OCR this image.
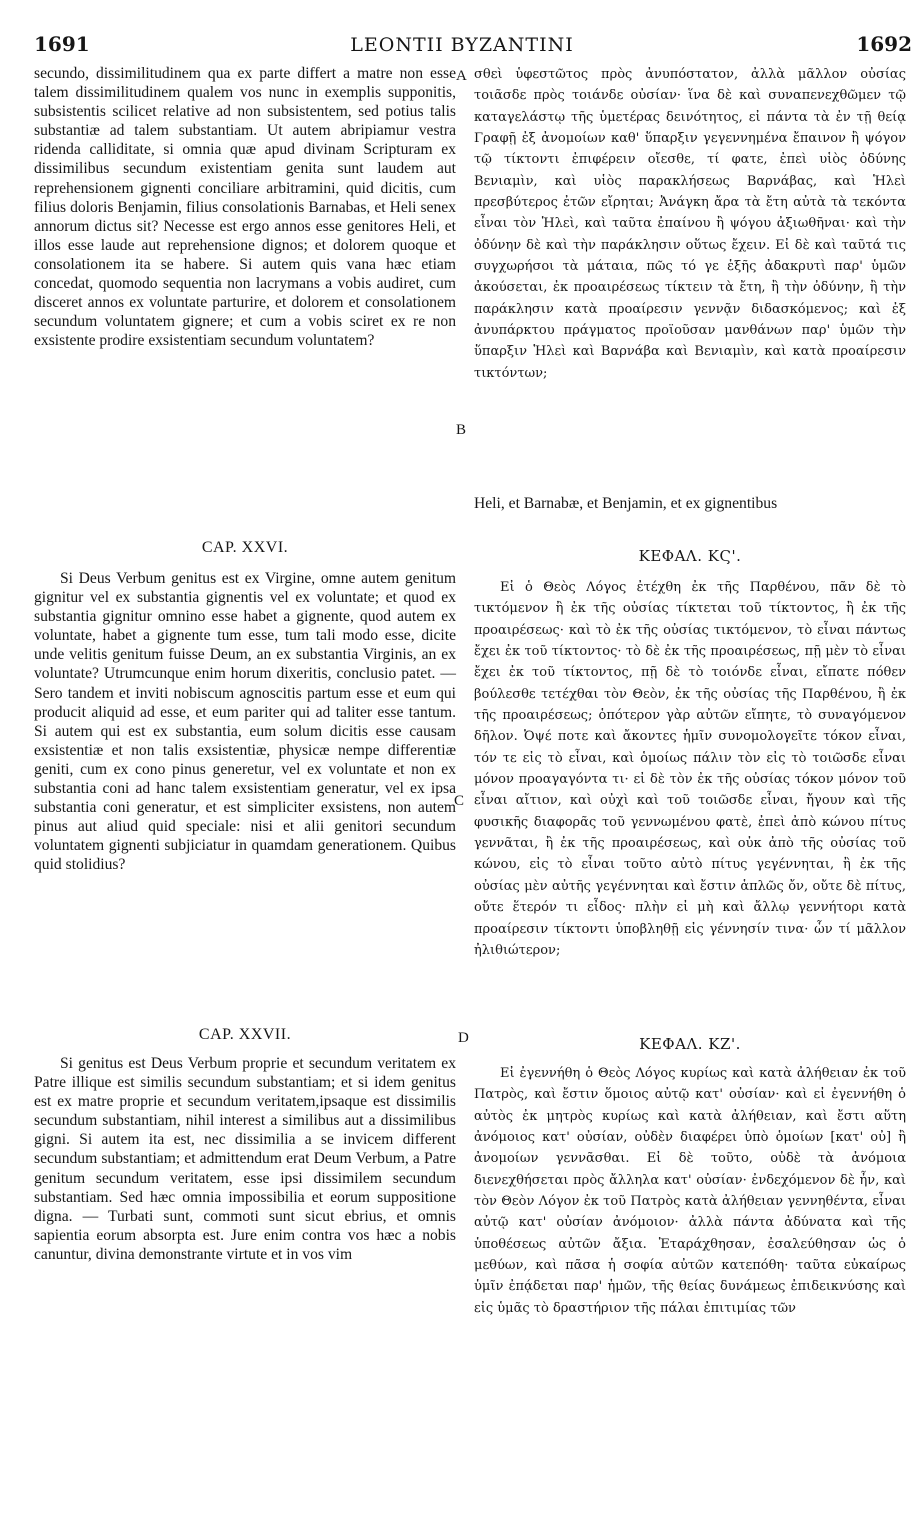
1691	LEONTII BYZANTINI	1692
A
B
C
D

secundo, dissimilitudinem qua ex parte differt a matre non esse talem dissimilitudinem qualem vos nunc in exemplis supponitis, subsistentis scilicet relative ad non subsistentem, sed potius talis substantiæ ad talem substantiam. Ut autem abripiamur vestra ridenda calliditate, si omnia quæ apud divinam Scripturam ex dissimilibus secundum existentiam genita sunt laudem aut reprehensionem gignenti conciliare arbitramini, quid dicitis, cum filius doloris Benjamin, filius consolationis Barnabas, et Heli senex annorum dictus sit? Necesse est ergo annos esse genitores Heli, et illos esse laude aut reprehensione dignos; et dolorem quoque et consolationem ita se habere. Si autem quis vana hæc etiam concedat, quomodo sequentia non lacrymans a vobis audiret, cum disceret annos ex voluntate parturire, et dolorem et consolationem secundum voluntatem gignere; et cum a vobis sciret ex re non exsistente prodire exsistentiam secundum voluntatem?

CAP. XXVI.

Si Deus Verbum genitus est ex Virgine, omne autem genitum gignitur vel ex substantia gignentis vel ex voluntate; et quod ex substantia gignitur omnino esse habet a gignente, quod autem ex voluntate, habet a gignente tum esse, tum tali modo esse, dicite unde velitis genitum fuisse Deum, an ex substantia Virginis, an ex voluntate? Utrumcunque enim horum dixeritis, conclusio patet. — Sero tandem et inviti nobiscum agnoscitis partum esse et eum qui producit aliquid ad esse, et eum pariter qui ad taliter esse tantum. Si autem qui est ex substantia, eum solum dicitis esse causam exsistentiæ et non talis exsistentiæ, physicæ nempe differentiæ geniti, cum ex cono pinus generetur, vel ex voluntate et non ex substantia coni ad hanc talem exsistentiam generatur, vel ex ipsa substantia coni generatur, et est simpliciter exsistens, non autem pinus aut aliud quid speciale: nisi et alii genitori secundum voluntatem gignenti subjiciatur in quamdam generationem. Quibus quid stolidius?

CAP. XXVII.

Si genitus est Deus Verbum proprie et secundum veritatem ex Patre illique est similis secundum substantiam; et si idem genitus est ex matre proprie et secundum veritatem,ipsaque est dissimilis secundum substantiam, nihil interest a similibus aut a dissimilibus gigni. Si autem ita est, nec dissimilia a se invicem different secundum substantiam; et admittendum erat Deum Verbum, a Patre genitum secundum veritatem, esse ipsi dissimilem secundum substantiam. Sed hæc omnia impossibilia et eorum suppositione digna. — Turbati sunt, commoti sunt sicut ebrius, et omnis sapientia eorum absorpta est. Jure enim contra vos hæc a nobis canuntur, divina demonstrante virtute et in vos vim

σθεὶ ὑφεστῶτος πρὸς ἀνυπόστατον, ἀλλὰ μᾶλλον οὐσίας τοιᾶσδε πρὸς τοιάνδε οὐσίαν· ἵνα δὲ καὶ συναπενεχθῶμεν τῷ καταγελάστῳ τῆς ὑμετέρας δεινότητος, εἰ πάντα τὰ ἐν τῇ θείᾳ Γραφῇ ἐξ ἀνομοίων καθ' ὕπαρξιν γεγεννημένα ἔπαινον ἢ ψόγον τῷ τίκτοντι ἐπιφέρειν οἴεσθε, τί φατε, ἐπεὶ υἱὸς ὀδύνης Βενιαμὶν, καὶ υἱὸς παρακλήσεως Βαρνάβας, καὶ Ἡλεὶ πρεσβύτερος ἐτῶν εἴρηται; Ἀνάγκη ἄρα τὰ ἔτη αὐτὰ τὰ τεκόντα εἶναι τὸν Ἡλεὶ, καὶ ταῦτα ἐπαίνου ἢ ψόγου ἀξιωθῆναι· καὶ τὴν ὀδύνην δὲ καὶ τὴν παράκλησιν οὕτως ἔχειν. Εἰ δὲ καὶ ταῦτά τις συγχωρήσοι τὰ μάταια, πῶς τό γε ἑξῆς ἀδακρυτὶ παρ' ὑμῶν ἀκούσεται, ἐκ προαιρέσεως τίκτειν τὰ ἔτη, ἢ τὴν ὀδύνην, ἢ τὴν παράκλησιν κατὰ προαίρεσιν γεννᾷν διδασκόμενος; καὶ ἐξ ἀνυπάρκτου πράγματος προϊοῦσαν μανθάνων παρ' ὑμῶν τὴν ὕπαρξιν Ἡλεὶ καὶ Βαρνάβα καὶ Βενιαμὶν, καὶ κατὰ προαίρεσιν τικτόντων;

Heli, et Barnabæ, et Benjamin, et ex gignentibus

ΚΕΦΑΛ. ΚϚ'.

Εἰ ὁ Θεὸς Λόγος ἐτέχθη ἐκ τῆς Παρθένου, πᾶν δὲ τὸ τικτόμενον ἢ ἐκ τῆς οὐσίας τίκτεται τοῦ τίκτοντος, ἢ ἐκ τῆς προαιρέσεως· καὶ τὸ ἐκ τῆς οὐσίας τικτόμενον, τὸ εἶναι πάντως ἔχει ἐκ τοῦ τίκτοντος· τὸ δὲ ἐκ τῆς προαιρέσεως, πῇ μὲν τὸ εἶναι ἔχει ἐκ τοῦ τίκτοντος, πῇ δὲ τὸ τοιόνδε εἶναι, εἴπατε πόθεν βούλεσθε τετέχθαι τὸν Θεὸν, ἐκ τῆς οὐσίας τῆς Παρθένου, ἢ ἐκ τῆς προαιρέσεως; ὁπότερον γὰρ αὐτῶν εἴπητε, τὸ συναγόμενον δῆλον. Ὀψέ ποτε καὶ ἄκοντες ἡμῖν συνομολογεῖτε τόκον εἶναι, τόν τε εἰς τὸ εἶναι, καὶ ὁμοίως πάλιν τὸν εἰς τὸ τοιῶσδε εἶναι μόνον προαγαγόντα τι· εἰ δὲ τὸν ἐκ τῆς οὐσίας τόκον μόνον τοῦ εἶναι αἴτιον, καὶ οὐχὶ καὶ τοῦ τοιῶσδε εἶναι, ἤγουν καὶ τῆς φυσικῆς διαφορᾶς τοῦ γεννωμένου φατὲ, ἐπεὶ ἀπὸ κώνου πίτυς γεννᾶται, ἢ ἐκ τῆς προαιρέσεως, καὶ οὐκ ἀπὸ τῆς οὐσίας τοῦ κώνου, εἰς τὸ εἶναι τοῦτο αὐτὸ πίτυς γεγέννηται, ἢ ἐκ τῆς οὐσίας μὲν αὐτῆς γεγέννηται καὶ ἔστιν ἁπλῶς ὄν, οὔτε δὲ πίτυς, οὔτε ἕτερόν τι εἶδος· πλὴν εἰ μὴ καὶ ἄλλῳ γεννήτορι κατὰ προαίρεσιν τίκτοντι ὑποβληθῇ εἰς γέννησίν τινα· ὧν τί μᾶλλον ἠλιθιώτερον;

ΚΕΦΑΛ. ΚΖ'.

Εἰ ἐγεννήθη ὁ Θεὸς Λόγος κυρίως καὶ κατὰ ἀλήθειαν ἐκ τοῦ Πατρὸς, καὶ ἔστιν ὅμοιος αὐτῷ κατ' οὐσίαν· καὶ εἰ ἐγεννήθη ὁ αὐτὸς ἐκ μητρὸς κυρίως καὶ κατὰ ἀλήθειαν, καὶ ἔστι αὕτη ἀνόμοιος κατ' οὐσίαν, οὐδὲν διαφέρει ὑπὸ ὁμοίων [κατ' οὐ] ἢ ἀνομοίων γεννᾶσθαι. Εἰ δὲ τοῦτο, οὐδὲ τὰ ἀνόμοια διενεχθήσεται πρὸς ἄλληλα κατ' οὐσίαν· ἐνδεχόμενον δὲ ἦν, καὶ τὸν Θεὸν Λόγον ἐκ τοῦ Πατρὸς κατὰ ἀλήθειαν γεννηθέντα, εἶναι αὐτῷ κατ' οὐσίαν ἀνόμοιον· ἀλλὰ πάντα ἀδύνατα καὶ τῆς ὑποθέσεως αὐτῶν ἄξια. Ἐταράχθησαν, ἐσαλεύθησαν ὡς ὁ μεθύων, καὶ πᾶσα ἡ σοφία αὐτῶν κατεπόθη· ταῦτα εὐκαίρως ὑμῖν ἐπᾴδεται παρ' ἡμῶν, τῆς θείας δυνάμεως ἐπιδεικνύσης καὶ εἰς ὑμᾶς τὸ δραστήριον τῆς πάλαι ἐπιτιμίας τῶν
